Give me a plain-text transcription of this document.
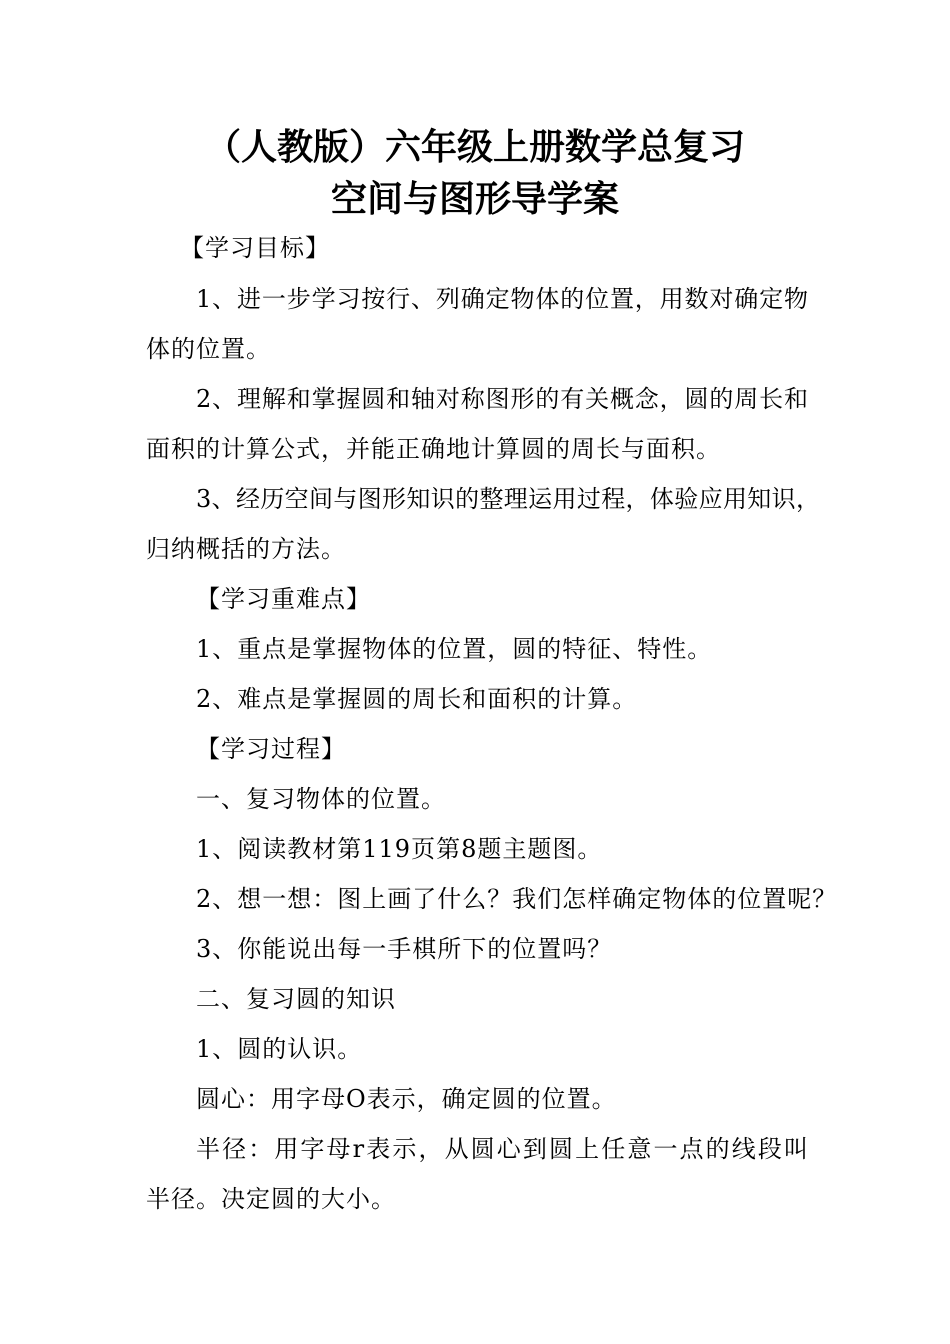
（人教版）六年级上册数学总复习
空间与图形导学案
【学习目标】
1、进一步学习按行、列确定物体的位置，用数对确定物
体的位置。
2、理解和掌握圆和轴对称图形的有关概念，圆的周长和
面积的计算公式，并能正确地计算圆的周长与面积。
3、经历空间与图形知识的整理运用过程，体验应用知识，
归纳概括的方法。
【学习重难点】
1、重点是掌握物体的位置，圆的特征、特性。
2、难点是掌握圆的周长和面积的计算。
【学习过程】
一、复习物体的位置。
1、阅读教材第119页第8题主题图。
2、想一想：图上画了什么？我们怎样确定物体的位置呢？
3、你能说出每一手棋所下的位置吗？
二、复习圆的知识
1、圆的认识。
圆心：用字母O表示，确定圆的位置。
半径：用字母r表示，从圆心到圆上任意一点的线段叫
半径。决定圆的大小。
